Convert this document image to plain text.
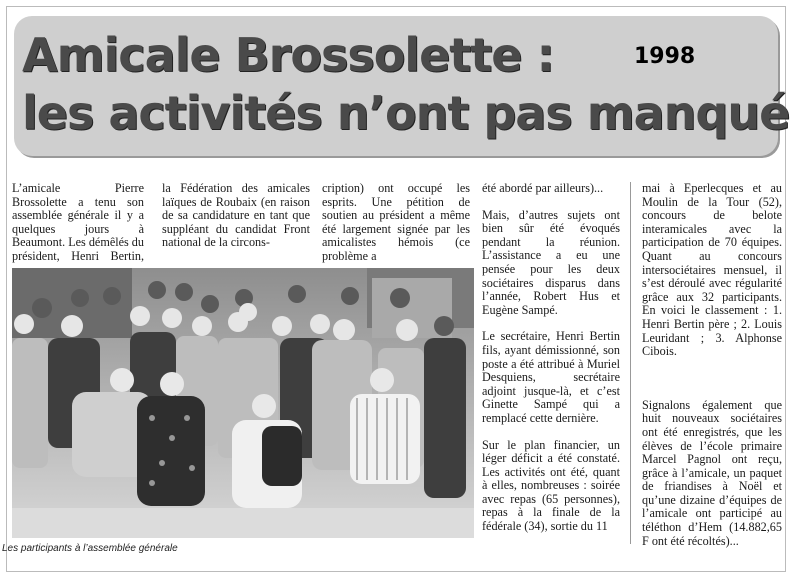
Amicale Brossolette :
les activités n’ont pas manqué
1998

L’amicale Pierre Brossolette a tenu son assemblée générale il y a quelques jours à Beaumont. Les démêlés du président, Henri Bertin,

la Fédération des amicales laïques de Roubaix (en raison de sa candidature en tant que suppléant du candidat Front national de la circons-

cription) ont occupé les esprits. Une pétition de soutien au président a même été largement signée par les amicalistes hémois (ce problème a

été abordé par ailleurs)...

Mais, d’autres sujets ont bien sûr été évoqués pendant la réunion. L’assistance a eu une pensée pour les deux sociétaires disparus dans l’année, Robert Hus et Eugène Sampé.

Le secrétaire, Henri Bertin fils, ayant démissionné, son poste a été attribué à Muriel Desquiens, secrétaire adjoint jusque-là, et c’est Ginette Sampé qui a remplacé cette dernière.

Sur le plan financier, un léger déficit a été constaté. Les activités ont été, quant à elles, nombreuses : soirée avec repas (65 personnes), repas à la finale de la fédérale (34), sortie du 11

mai à Eperlecques et au Moulin de la Tour (52), concours de belote interamicales avec la participation de 70 équipes. Quant au concours intersociétaires mensuel, il s’est déroulé avec régularité grâce aux 32 participants. En voici le classement : 1. Henri Bertin père ; 2. Louis Leuridant ; 3. Alphonse Cibois.

Signalons également que huit nouveaux sociétaires ont été enregistrés, que les élèves de l’école primaire Marcel Pagnol ont reçu, grâce à l’amicale, un paquet de friandises à Noël et qu’une dizaine d’équipes de l’amicale ont participé au téléthon d’Hem (14.882,65 F ont été récoltés)...

Les participants à l’assemblée générale
